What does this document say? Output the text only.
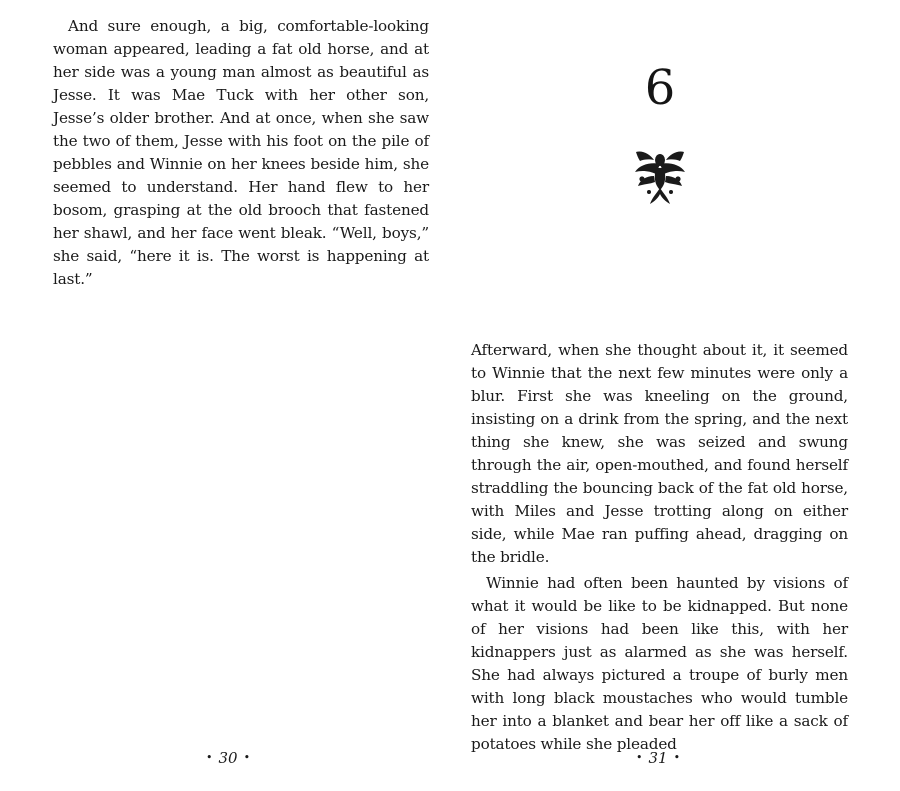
And sure enough, a big, comfortable-looking woman appeared, leading a fat old horse, and at her side was a young man almost as beautiful as Jesse. It was Mae Tuck with her other son, Jesse’s older brother. And at once, when she saw the two of them, Jesse with his foot on the pile of pebbles and Winnie on her knees beside him, she seemed to understand. Her hand flew to her bosom, grasping at the old brooch that fastened her shawl, and her face went bleak. “Well, boys,” she said, “here it is. The worst is happening at last.”

• 30 •
6

Afterward, when she thought about it, it seemed to Winnie that the next few minutes were only a blur. First she was kneeling on the ground, insisting on a drink from the spring, and the next thing she knew, she was seized and swung through the air, open-mouthed, and found herself straddling the bouncing back of the fat old horse, with Miles and Jesse trotting along on either side, while Mae ran puffing ahead, dragging on the bridle.

Winnie had often been haunted by visions of what it would be like to be kidnapped. But none of her visions had been like this, with her kidnappers just as alarmed as she was herself. She had always pictured a troupe of burly men with long black moustaches who would tumble her into a blanket and bear her off like a sack of potatoes while she pleaded

• 31 •
